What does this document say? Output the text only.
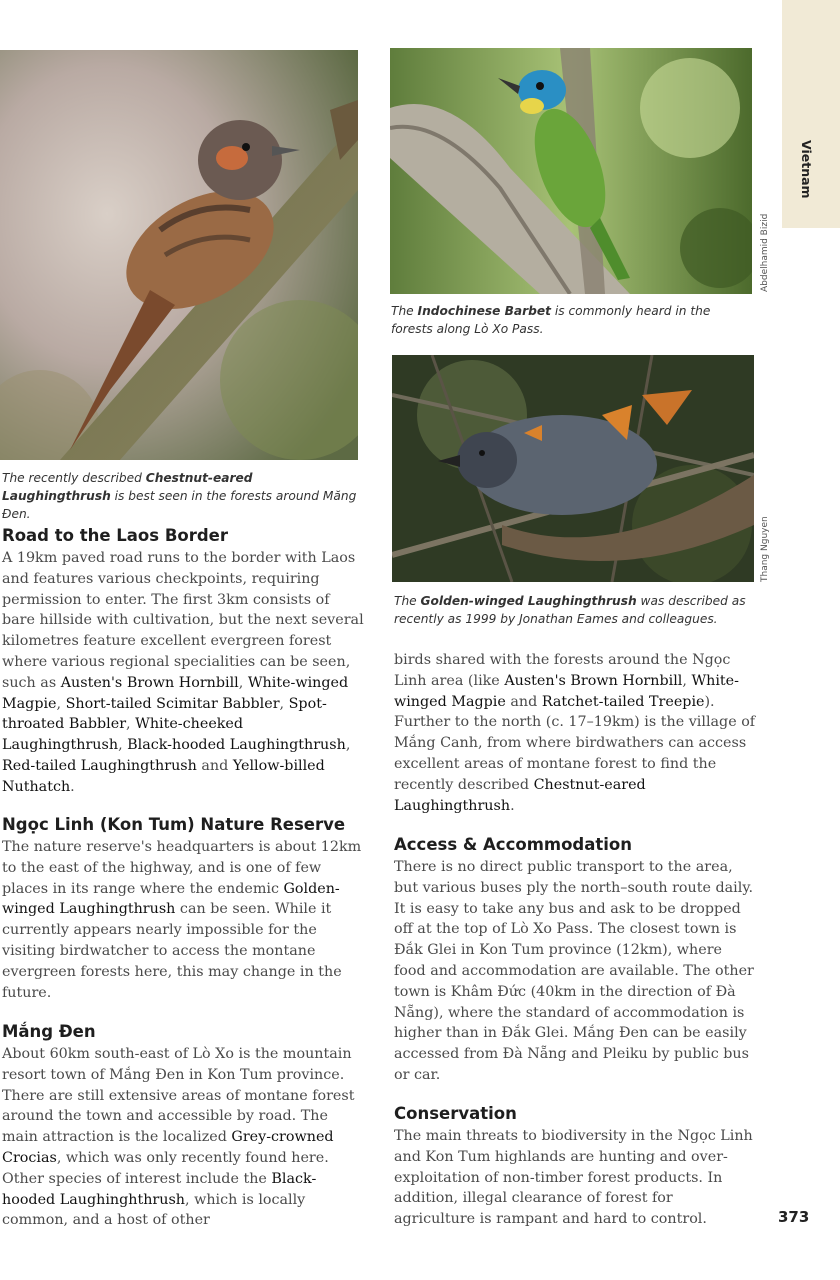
Vietnam
Abdelhamid Bizid
The Indochinese Barbet is commonly heard in the forests along Lò Xo Pass.
Thang Nguyen
The Golden-winged Laughingthrush was described as recently as 1999 by Jonathan Eames and colleagues.
The recently described Chestnut-eared Laughingthrush is best seen in the forests around Măng Đen.
Road to the Laos Border

A 19km paved road runs to the border with Laos and features various checkpoints, requiring permission to enter. The first 3km consists of bare hillside with cultivation, but the next several kilometres feature excellent evergreen forest where various regional specialities can be seen, such as Austen's Brown Hornbill, White-winged Magpie, Short-tailed Scimitar Babbler, Spot-throated Babbler, White-cheeked Laughingthrush, Black-hooded Laughingthrush, Red-tailed Laughingthrush and Yellow-billed Nuthatch.

Ngọc Linh (Kon Tum) Nature Reserve

The nature reserve's headquarters is about 12km to the east of the highway, and is one of few places in its range where the endemic Golden-winged Laughingthrush can be seen. While it currently appears nearly impossible for the visiting birdwatcher to access the montane evergreen forests here, this may change in the future.

Mắng Đen

About 60km south-east of Lò Xo is the mountain resort town of Mắng Đen in Kon Tum province. There are still extensive areas of montane forest around the town and accessible by road. The main attraction is the localized Grey-crowned Crocias, which was only recently found here. Other species of interest include the Black-hooded Laughinghthrush, which is locally common, and a host of other

birds shared with the forests around the Ngọc Linh area (like Austen's Brown Hornbill, White-winged Magpie and Ratchet-tailed Treepie). Further to the north (c. 17–19km) is the village of Mắng Canh, from where birdwathers can access excellent areas of montane forest to find the recently described Chestnut-eared Laughingthrush.

Access & Accommodation

There is no direct public transport to the area, but various buses ply the north–south route daily. It is easy to take any bus and ask to be dropped off at the top of Lò Xo Pass. The closest town is Đắk Glei in Kon Tum province (12km), where food and accommodation are available. The other town is Khâm Đức (40km in the direction of Đà Nẵng), where the standard of accommodation is higher than in Đắk Glei. Mắng Đen can be easily accessed from Đà Nẵng and Pleiku by public bus or car.

Conservation

The main threats to biodiversity in the Ngọc Linh and Kon Tum highlands are hunting and over-exploitation of non-timber forest products. In addition, illegal clearance of forest for agriculture is rampant and hard to control.	373
